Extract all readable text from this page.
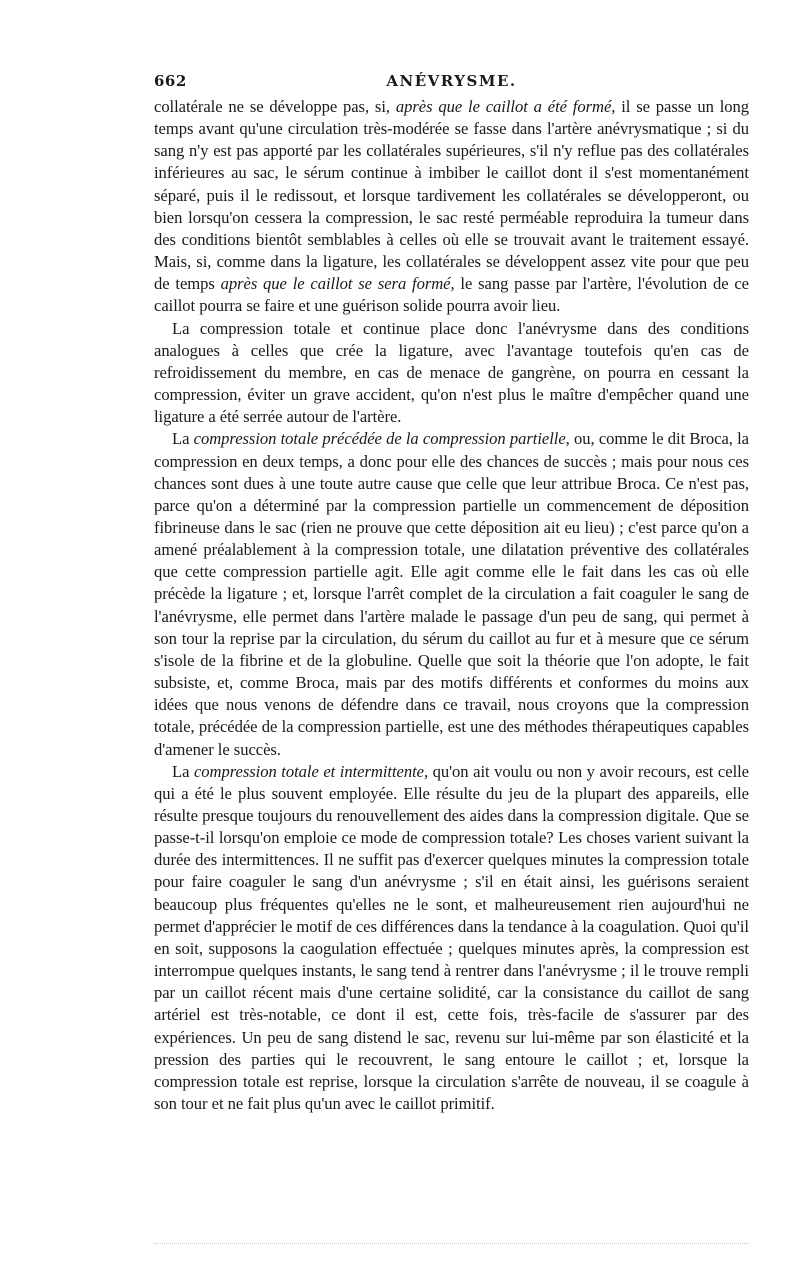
662	ANÉVRYSME.

collatérale ne se développe pas, si, après que le caillot a été formé, il se passe un long temps avant qu'une circulation très-modérée se fasse dans l'artère anévrysmatique ; si du sang n'y est pas apporté par les collatérales supérieures, s'il n'y reflue pas des collatérales inférieures au sac, le sérum continue à imbiber le caillot dont il s'est momentanément séparé, puis il le redissout, et lorsque tardivement les collatérales se développeront, ou bien lorsqu'on cessera la compression, le sac resté perméable reproduira la tumeur dans des conditions bientôt semblables à celles où elle se trouvait avant le traitement essayé. Mais, si, comme dans la ligature, les collatérales se développent assez vite pour que peu de temps après que le caillot se sera formé, le sang passe par l'artère, l'évolution de ce caillot pourra se faire et une guérison solide pourra avoir lieu.

La compression totale et continue place donc l'anévrysme dans des conditions analogues à celles que crée la ligature, avec l'avantage toutefois qu'en cas de refroidissement du membre, en cas de menace de gangrène, on pourra en cessant la compression, éviter un grave accident, qu'on n'est plus le maître d'empêcher quand une ligature a été serrée autour de l'artère.

La compression totale précédée de la compression partielle, ou, comme le dit Broca, la compression en deux temps, a donc pour elle des chances de succès ; mais pour nous ces chances sont dues à une toute autre cause que celle que leur attribue Broca. Ce n'est pas, parce qu'on a déterminé par la compression partielle un commencement de déposition fibrineuse dans le sac (rien ne prouve que cette déposition ait eu lieu) ; c'est parce qu'on a amené préalablement à la compression totale, une dilatation préventive des collatérales que cette compression partielle agit. Elle agit comme elle le fait dans les cas où elle précède la ligature ; et, lorsque l'arrêt complet de la circulation a fait coaguler le sang de l'anévrysme, elle permet dans l'artère malade le passage d'un peu de sang, qui permet à son tour la reprise par la circulation, du sérum du caillot au fur et à mesure que ce sérum s'isole de la fibrine et de la globuline. Quelle que soit la théorie que l'on adopte, le fait subsiste, et, comme Broca, mais par des motifs différents et conformes du moins aux idées que nous venons de défendre dans ce travail, nous croyons que la compression totale, précédée de la compression partielle, est une des méthodes thérapeutiques capables d'amener le succès.

La compression totale et intermittente, qu'on ait voulu ou non y avoir recours, est celle qui a été le plus souvent employée. Elle résulte du jeu de la plupart des appareils, elle résulte presque toujours du renouvellement des aides dans la compression digitale. Que se passe-t-il lorsqu'on emploie ce mode de compression totale? Les choses varient suivant la durée des intermittences. Il ne suffit pas d'exercer quelques minutes la compression totale pour faire coaguler le sang d'un anévrysme ; s'il en était ainsi, les guérisons seraient beaucoup plus fréquentes qu'elles ne le sont, et malheureusement rien aujourd'hui ne permet d'apprécier le motif de ces différences dans la tendance à la coagulation. Quoi qu'il en soit, supposons la caogulation effectuée ; quelques minutes après, la compression est interrompue quelques instants, le sang tend à rentrer dans l'anévrysme ; il le trouve rempli par un caillot récent mais d'une certaine solidité, car la consistance du caillot de sang artériel est très-notable, ce dont il est, cette fois, très-facile de s'assurer par des expériences. Un peu de sang distend le sac, revenu sur lui-même par son élasticité et la pression des parties qui le recouvrent, le sang entoure le caillot ; et, lorsque la compression totale est reprise, lorsque la circulation s'arrête de nouveau, il se coagule à son tour et ne fait plus qu'un avec le caillot primitif.
